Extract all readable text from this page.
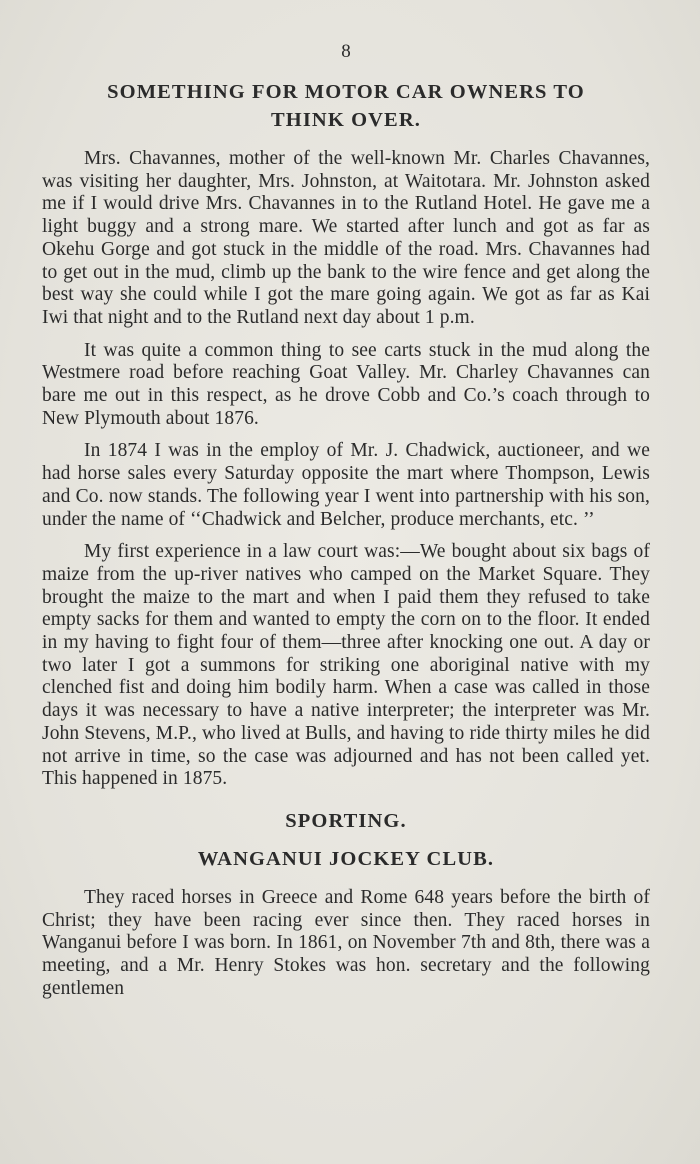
8
SOMETHING FOR MOTOR CAR OWNERS TO
THINK OVER.

Mrs. Chavannes, mother of the well-known Mr. Charles Chavannes, was visiting her daughter, Mrs. Johnston, at Waitotara. Mr. Johnston asked me if I would drive Mrs. Chavannes in to the Rutland Hotel. He gave me a light buggy and a strong mare. We started after lunch and got as far as Okehu Gorge and got stuck in the middle of the road. Mrs. Chavannes had to get out in the mud, climb up the bank to the wire fence and get along the best way she could while I got the mare going again. We got as far as Kai Iwi that night and to the Rutland next day about 1 p.m.

It was quite a common thing to see carts stuck in the mud along the Westmere road before reaching Goat Valley. Mr. Charley Chavannes can bare me out in this respect, as he drove Cobb and Co.’s coach through to New Plymouth about 1876.

In 1874 I was in the employ of Mr. J. Chadwick, auctioneer, and we had horse sales every Saturday opposite the mart where Thompson, Lewis and Co. now stands. The following year I went into partnership with his son, under the name of ‘‘Chadwick and Belcher, produce merchants, etc. ’’

My first experience in a law court was:—We bought about six bags of maize from the up-river natives who camped on the Market Square. They brought the maize to the mart and when I paid them they refused to take empty sacks for them and wanted to empty the corn on to the floor. It ended in my having to fight four of them—three after knocking one out. A day or two later I got a summons for striking one aboriginal native with my clenched fist and doing him bodily harm. When a case was called in those days it was necessary to have a native interpreter; the interpreter was Mr. John Stevens, M.P., who lived at Bulls, and having to ride thirty miles he did not arrive in time, so the case was adjourned and has not been called yet. This happened in 1875.

SPORTING.
WANGANUI JOCKEY CLUB.

They raced horses in Greece and Rome 648 years before the birth of Christ; they have been racing ever since then. They raced horses in Wanganui before I was born. In 1861, on November 7th and 8th, there was a meeting, and a Mr. Henry Stokes was hon. secretary and the following gentlemen
